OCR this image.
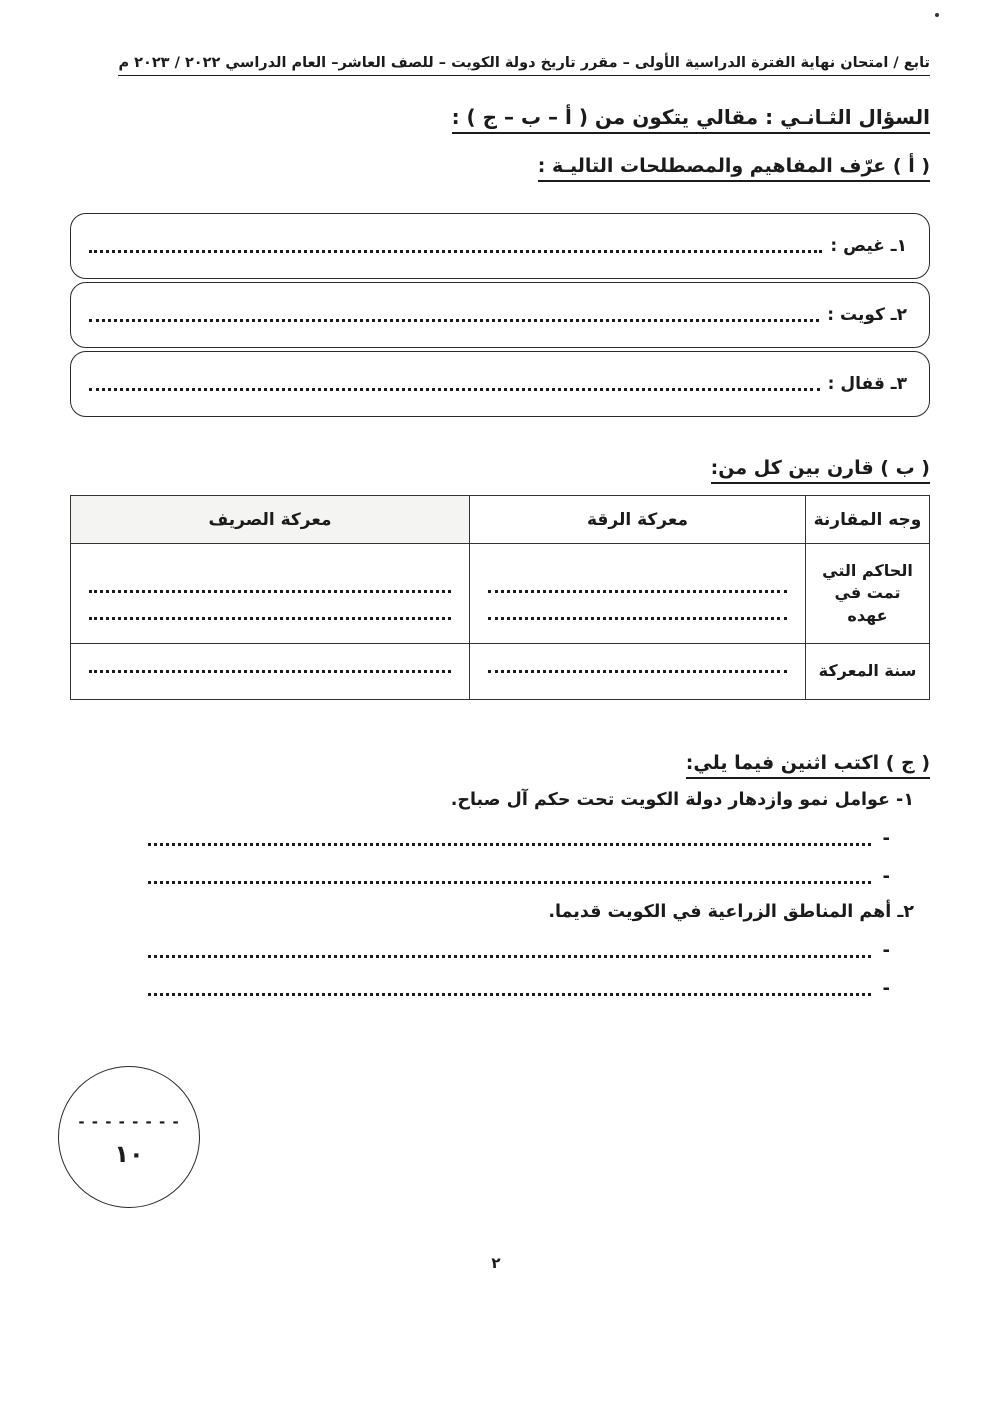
تابع / امتحان نهاية الفترة الدراسية الأولى – مقرر تاريخ دولة الكويت – للصف العاشر– العام الدراسي ٢٠٢٢ / ٢٠٢٣ م
السؤال الثـانـي : مقالي يتكون من ( أ – ب – ج ) :
( أ ) عرّف المفاهيم والمصطلحات التاليـة :
١ـ غيص :
٢ـ كويت :
٣ـ قفال :
( ب ) قارن بين كل من:
وجه المقارنة	معركة الرقة	معركة الصريف
الحاكم التي تمت في عهده	

سنة المعركة	

( ج ) اكتب اثنين فيما يلي:
١- عوامل نمو وازدهار دولة الكويت تحت حكم آل صباح.
-
-
٢ـ أهم المناطق الزراعية في الكويت قديما.
-
-
- - - - - - - -
١٠
٢
